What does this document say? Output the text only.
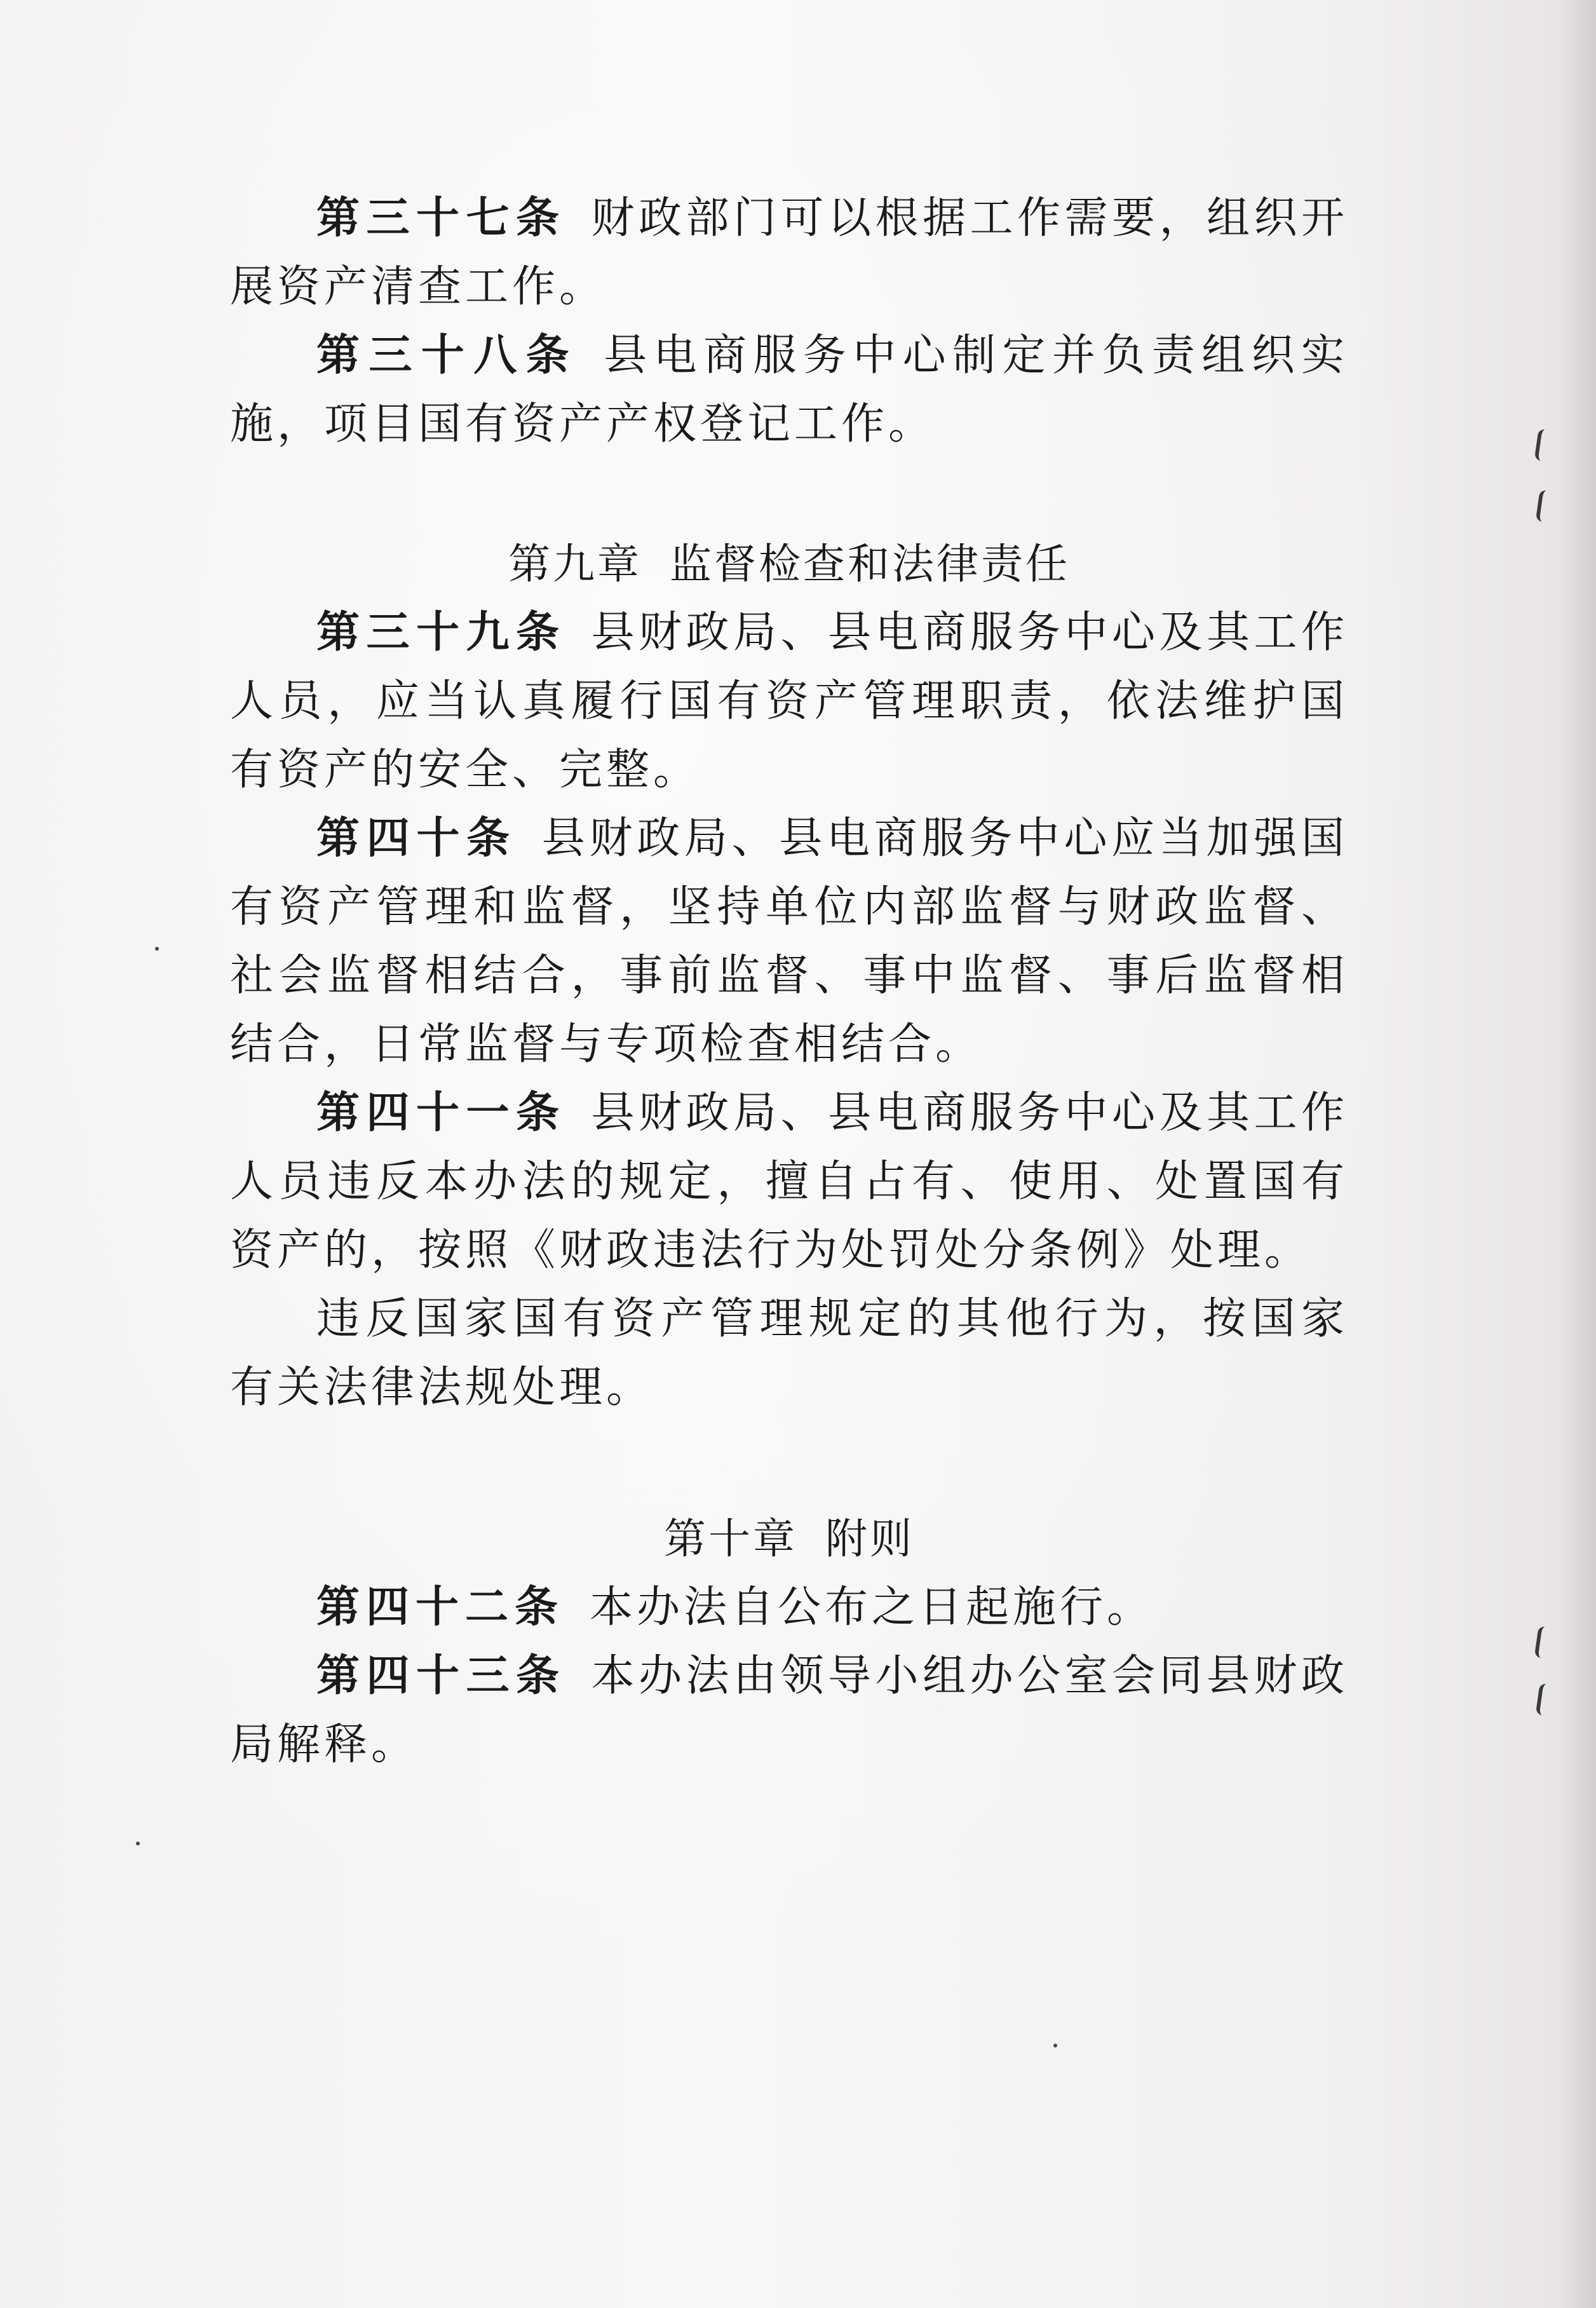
第三十七条 财政部门可以根据工作需要，组织开展资产清查工作。

第三十八条 县电商服务中心制定并负责组织实施，项目国有资产产权登记工作。

第九章 监督检查和法律责任

第三十九条 县财政局、县电商服务中心及其工作人员，应当认真履行国有资产管理职责，依法维护国有资产的安全、完整。

第四十条 县财政局、县电商服务中心应当加强国有资产管理和监督，坚持单位内部监督与财政监督、社会监督相结合，事前监督、事中监督、事后监督相结合，日常监督与专项检查相结合。

第四十一条 县财政局、县电商服务中心及其工作人员违反本办法的规定，擅自占有、使用、处置国有资产的，按照《财政违法行为处罚处分条例》处理。

违反国家国有资产管理规定的其他行为，按国家有关法律法规处理。

第十章 附则

第四十二条 本办法自公布之日起施行。

第四十三条 本办法由领导小组办公室会同县财政局解释。
